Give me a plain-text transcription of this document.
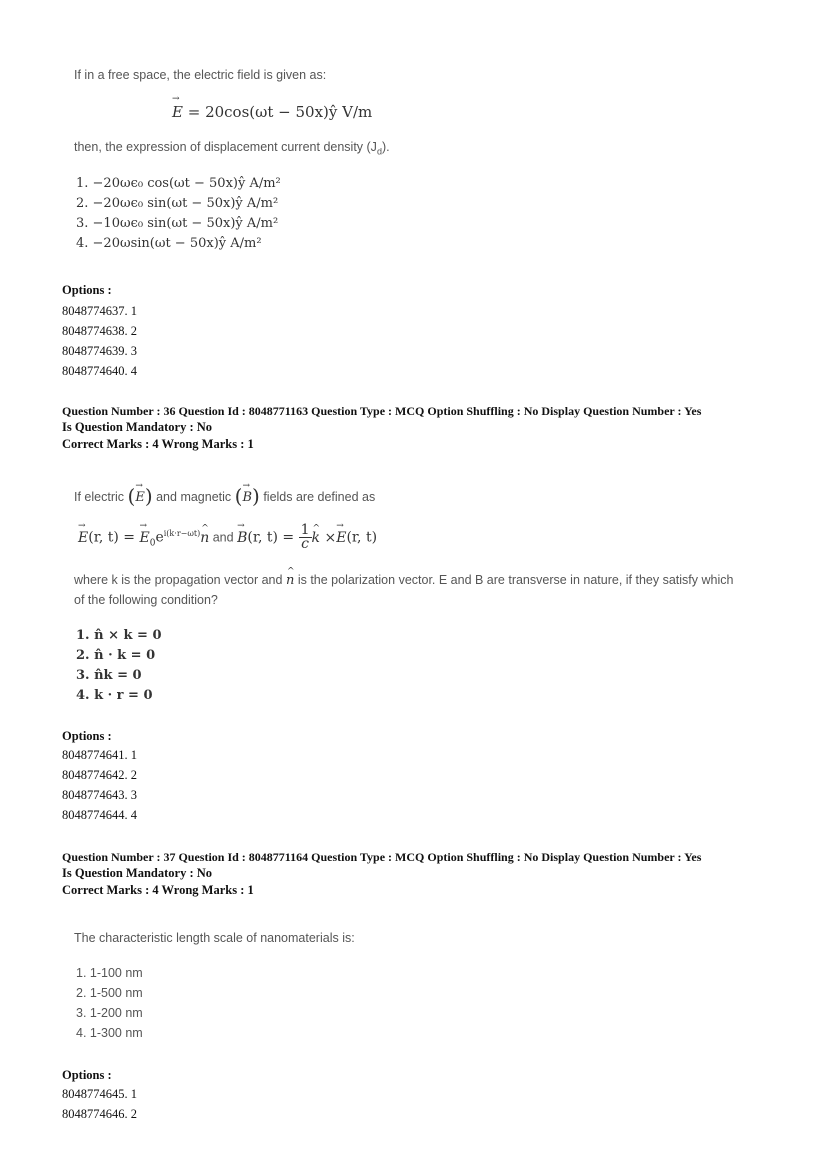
If in a free space, the electric field is given as:
→ E = 20cos(ωt − 50x)ŷ V/m
then, the expression of displacement current density $(J_d)$.
1. −20ωϵ₀ cos(ωt − 50x)ŷ A/m²
2. −20ωϵ₀ sin(ωt − 50x)ŷ A/m²
3. −10ωϵ₀ sin(ωt − 50x)ŷ A/m²
4. −20ωsin(ωt − 50x)ŷ A/m²
Options :
8048774637. 1
8048774638. 2
8048774639. 3
8048774640. 4
Question Number : 36 Question Id : 8048771163 Question Type : MCQ Option Shuffling : No Display Question Number : Yes
Is Question Mandatory : No
Correct Marks : 4 Wrong Marks : 1
If electric (→ E) and magnetic (→ B) fields are defined as
→ E(r, t) = → $E_0e^{i(k\cdot r-\omega t)}\^{}$ n and → B(r, $t) = \frac{1}{c}$ ^ k ×→ E(r, t)
where k is the propagation vector and ^ n is the polarization vector. E and B are transverse in nature, if they satisfy which
of the following condition?
1. n̂ × k = 0
2. n̂ · k = 0
3. n̂k = 0
4. k · r = 0
Options :
8048774641. 1
8048774642. 2
8048774643. 3
8048774644. 4
Question Number : 37 Question Id : 8048771164 Question Type : MCQ Option Shuffling : No Display Question Number : Yes
Is Question Mandatory : No
Correct Marks : 4 Wrong Marks : 1
The characteristic length scale of nanomaterials is:
1. 1-100 nm
2. 1-500 nm
3. 1-200 nm
4. 1-300 nm
Options :
8048774645. 1
8048774646. 2
